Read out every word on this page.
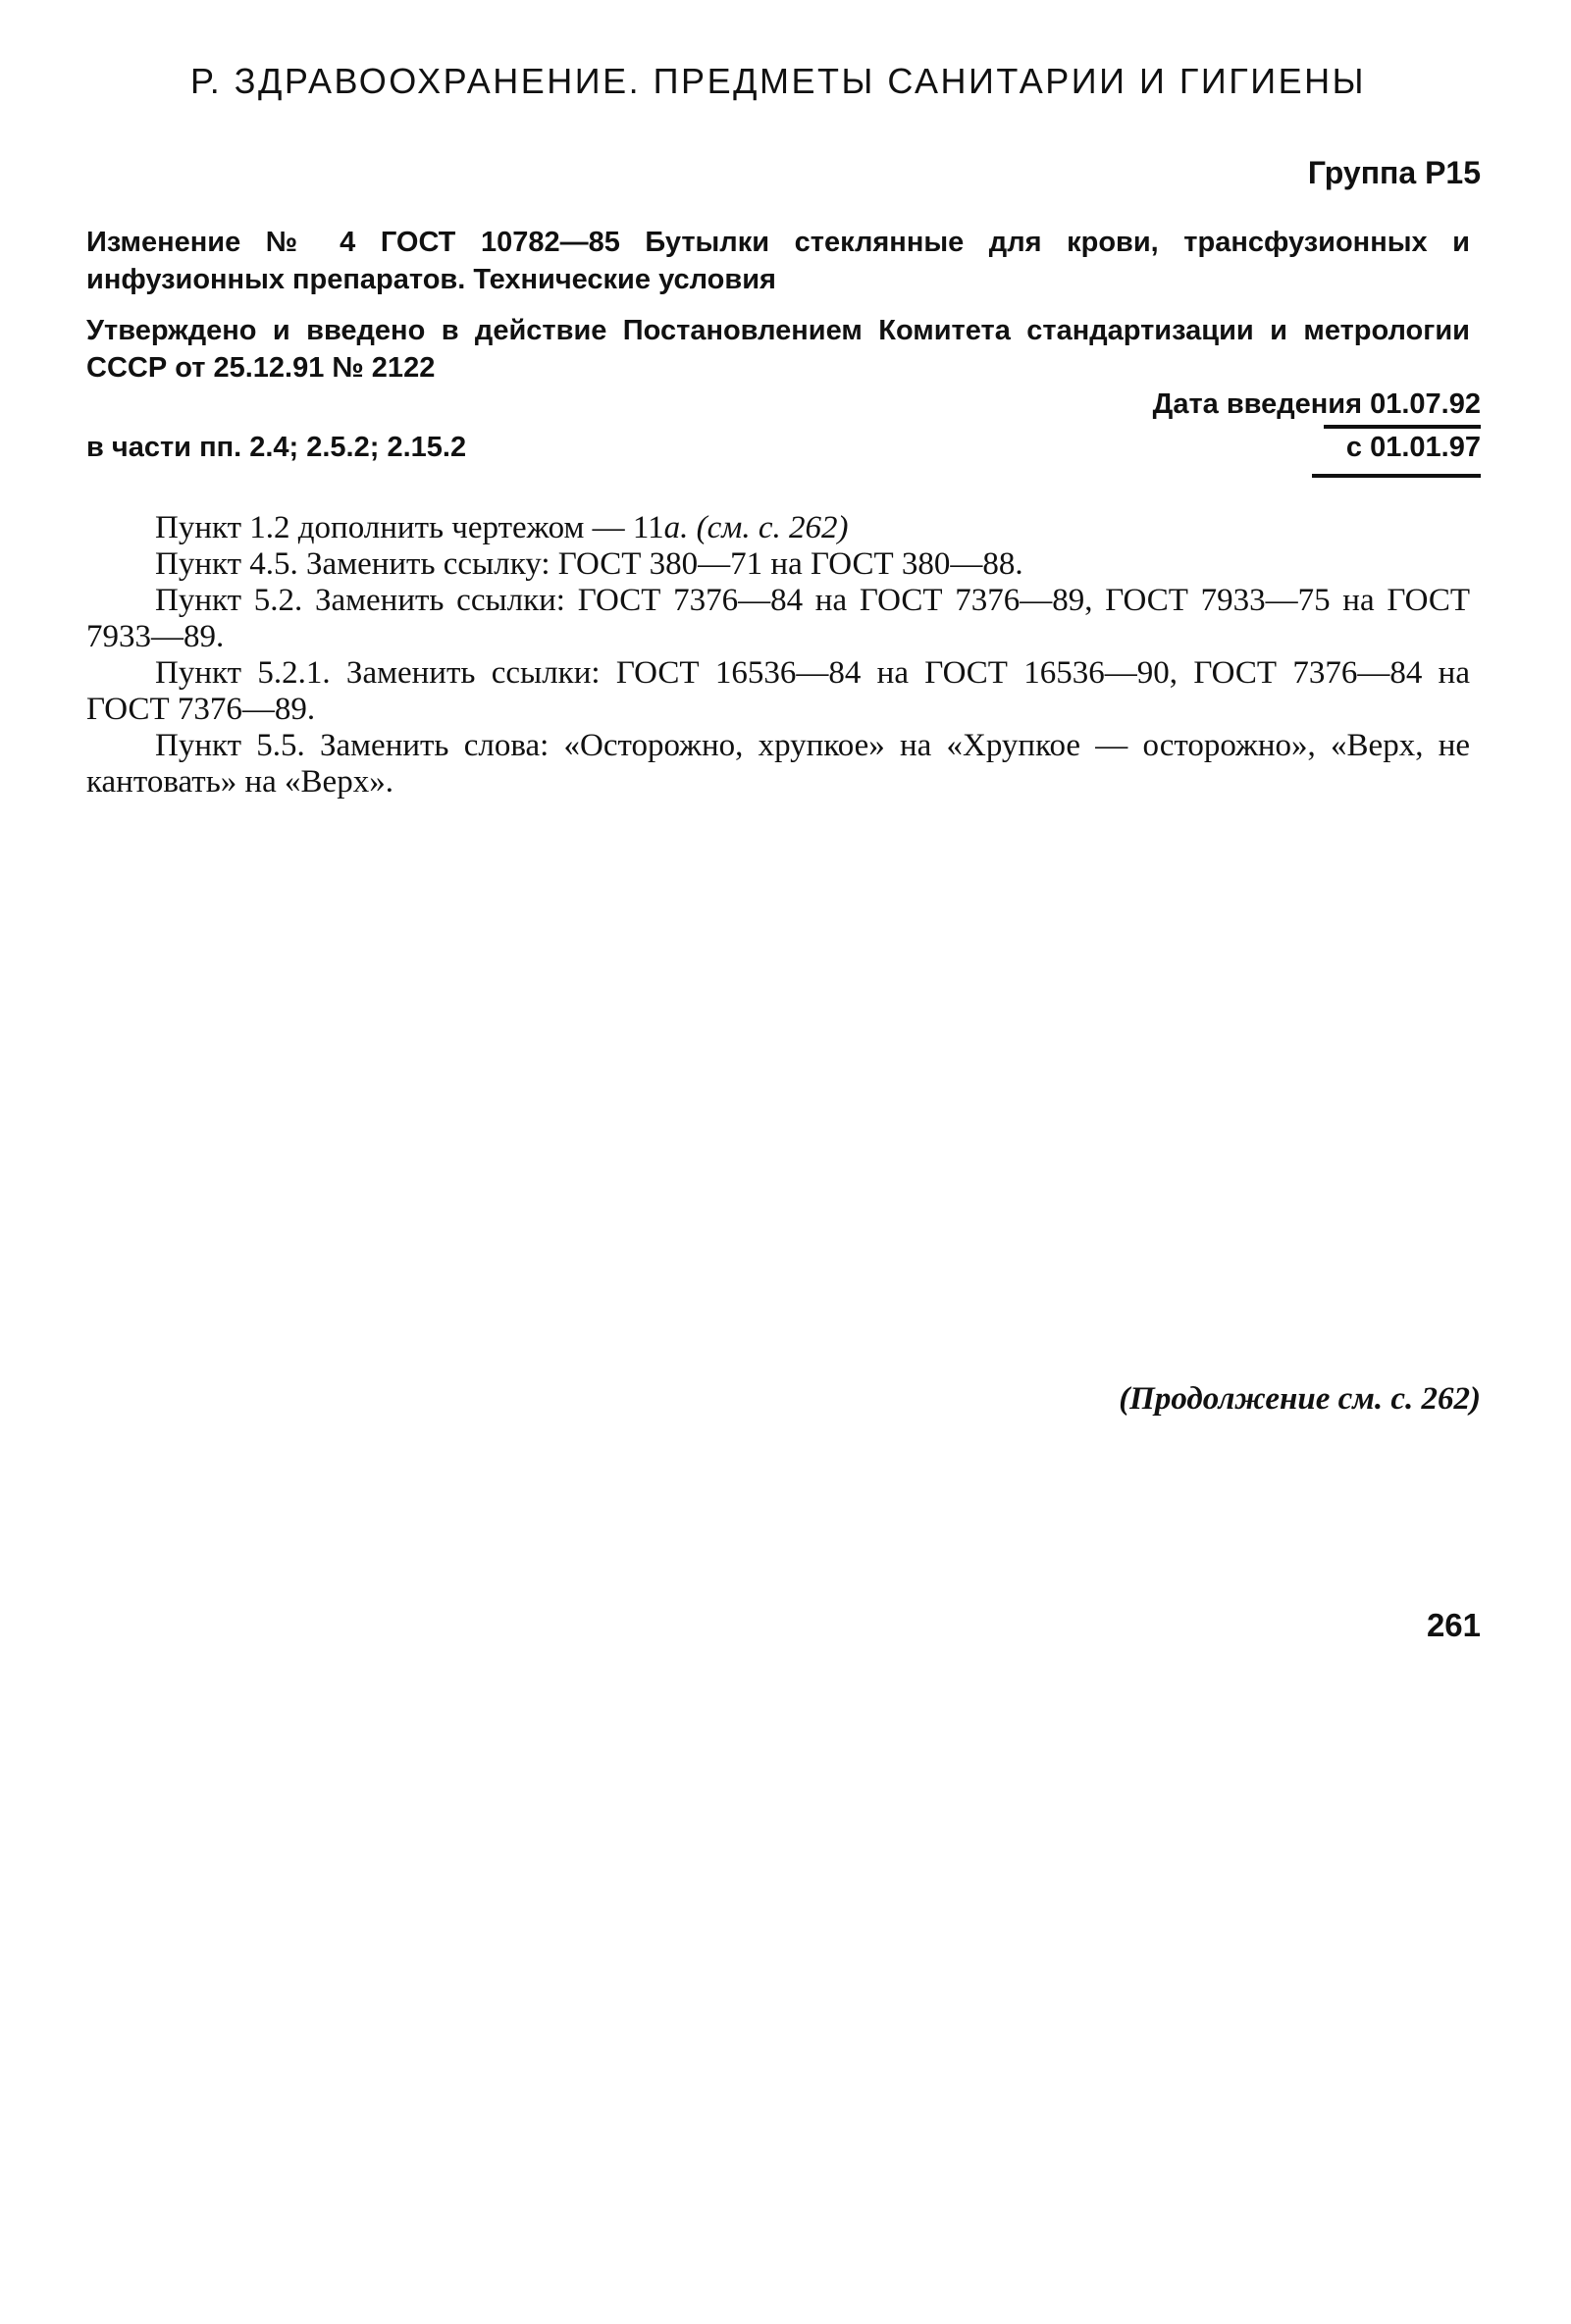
Р. ЗДРАВООХРАНЕНИЕ. ПРЕДМЕТЫ САНИТАРИИ И ГИГИЕНЫ
Группа Р15
Изменение № 4 ГОСТ 10782—85 Бутылки стеклянные для крови, трансфузионных и инфузионных препаратов. Технические условия
Утверждено и введено в действие Постановлением Комитета стандартизации и метрологии СССР от 25.12.91 № 2122
Дата введения 01.07.92
в части пп. 2.4; 2.5.2; 2.15.2	с 01.01.97

Пункт 1.2 дополнить чертежом — 11а. (см. с. 262)

Пункт 4.5. Заменить ссылку: ГОСТ 380—71 на ГОСТ 380—88.

Пункт 5.2. Заменить ссылки: ГОСТ 7376—84 на ГОСТ 7376—89, ГОСТ 7933—75 на ГОСТ 7933—89.

Пункт 5.2.1. Заменить ссылки: ГОСТ 16536—84 на ГОСТ 16536—90, ГОСТ 7376—84 на ГОСТ 7376—89.

Пункт 5.5. Заменить слова: «Осторожно, хрупкое» на «Хрупкое — осторожно», «Верх, не кантовать» на «Верх».

(Продолжение см. с. 262)
261
